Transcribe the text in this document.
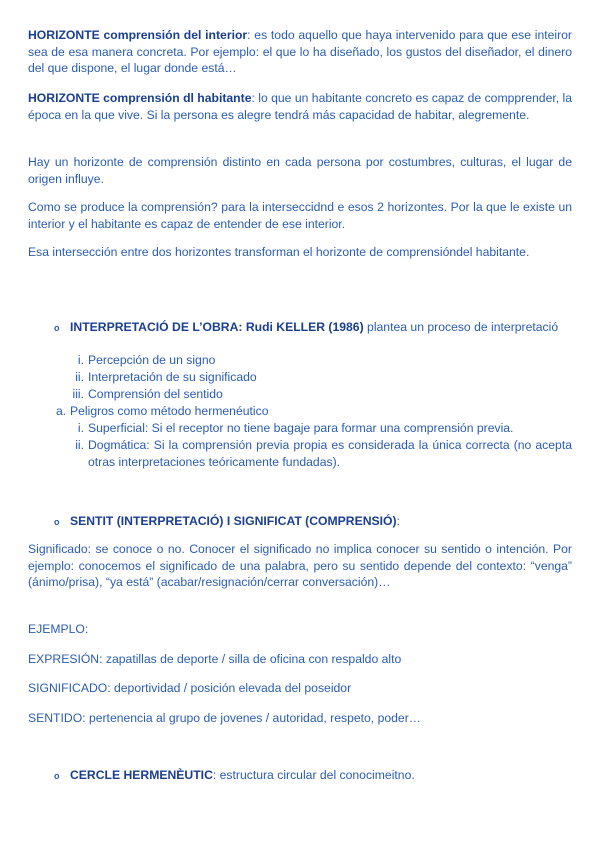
HORIZONTE comprensión del interior: es todo aquello que haya intervenido para que ese inteiror sea de esa manera concreta. Por ejemplo: el que lo ha diseñado, los gustos del diseñador, el dinero del que dispone, el lugar donde está…

HORIZONTE comprensión dl habitante: lo que un habitante concreto es capaz de compprender, la época en la que vive. Si la persona es alegre tendrá más capacidad de habitar, alegremente.

Hay un horizonte de comprensión distinto en cada persona por costumbres, culturas, el lugar de origen influye.

Como se produce la comprensión? para la interseccidnd e esos 2 horizontes. Por la que le existe un interior y el habitante es capaz de entender de ese interior.

Esa intersección entre dos horizontes transforman el horizonte de comprensióndel habitante.

o INTERPRETACIÓ DE L’OBRA: Rudi KELLER (1986) plantea un proceso de interpretació

i. Percepción de un signo
ii. Interpretación de su significado
iii. Comprensión del sentido
a. Peligros como método hermenéutico
i. Superficial: Si el receptor no tiene bagaje para formar una comprensión previa.
ii. Dogmática: Si la comprensión previa propia es considerada la única correcta (no acepta otras interpretaciones teóricamente fundadas).
o SENTIT (INTERPRETACIÓ) I SIGNIFICAT (COMPRENSIÓ):

Significado: se conoce o no. Conocer el significado no implica conocer su sentido o intención. Por ejemplo: conocemos el significado de una palabra, pero su sentido depende del contexto: “venga” (ánimo/prisa), “ya está” (acabar/resignación/cerrar conversación)…

EJEMPLO:

EXPRESIÓN: zapatillas de deporte / silla de oficina con respaldo alto

SIGNIFICADO: deportividad / posición elevada del poseidor

SENTIDO: pertenencia al grupo de jovenes / autoridad, respeto, poder…

o CERCLE HERMENÈUTIC: estructura circular del conocimeitno.
